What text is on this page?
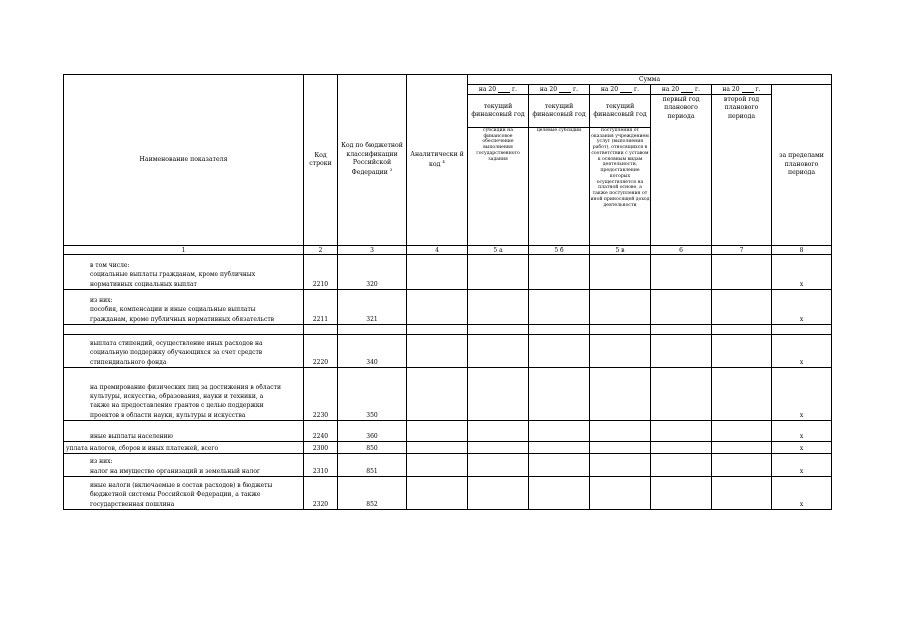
Наименование показателя	Код строки	Код по бюджетной классификации Российской Федерации $^3$	Аналитически й код $^4$	Сумма					
				на 20 г.	на 20 г.	на 20 г.	на 20 г.	на 20 г.	за пределами планового периода
				текущий финансовый год	текущий финансовый год	текущий финансовый год	первый год планового периода	второй год планового периода	
				субсидии на финансовое обеспечение выполнения государственного задания	целевые субсидии	поступления от оказания учреждением услуг (выполнения работ), относящихся в соответствии с уставом к основным видам деятельности, предоставление которых осуществляется на платной основе, а также поступления от иной приносящей доход деятельности			
1	2	3	4	5 а	5 б	5 в	6	7	8

в том числе:
социальные выплаты гражданам, кроме публичных
нормативных социальных выплат	2210	320							x

из них:
пособия, компенсации и иные социальные выплаты
гражданам, кроме публичных нормативных обязательств	2211	321							x

выплата стипендий, осуществление иных расходов на
социальную поддержку обучающихся за счет средств
стипендиального фонда	2220	340							x

на премирование физических лиц за достижения в области
культуры, искусства, образования, науки и техники, а
также на предоставление грантов с целью поддержки
проектов в области науки, культуры и искусства	2230	350							x

иные выплаты населению	2240	360							x

уплата налогов, сборов и иных платежей, всего	2300	850							x

из них:
налог на имущество организаций и земельный налог	2310	851							x

иные налоги (включаемые в состав расходов) в бюджеты
бюджетной системы Российской Федерации, а также
государственная пошлина	2320	852							x
